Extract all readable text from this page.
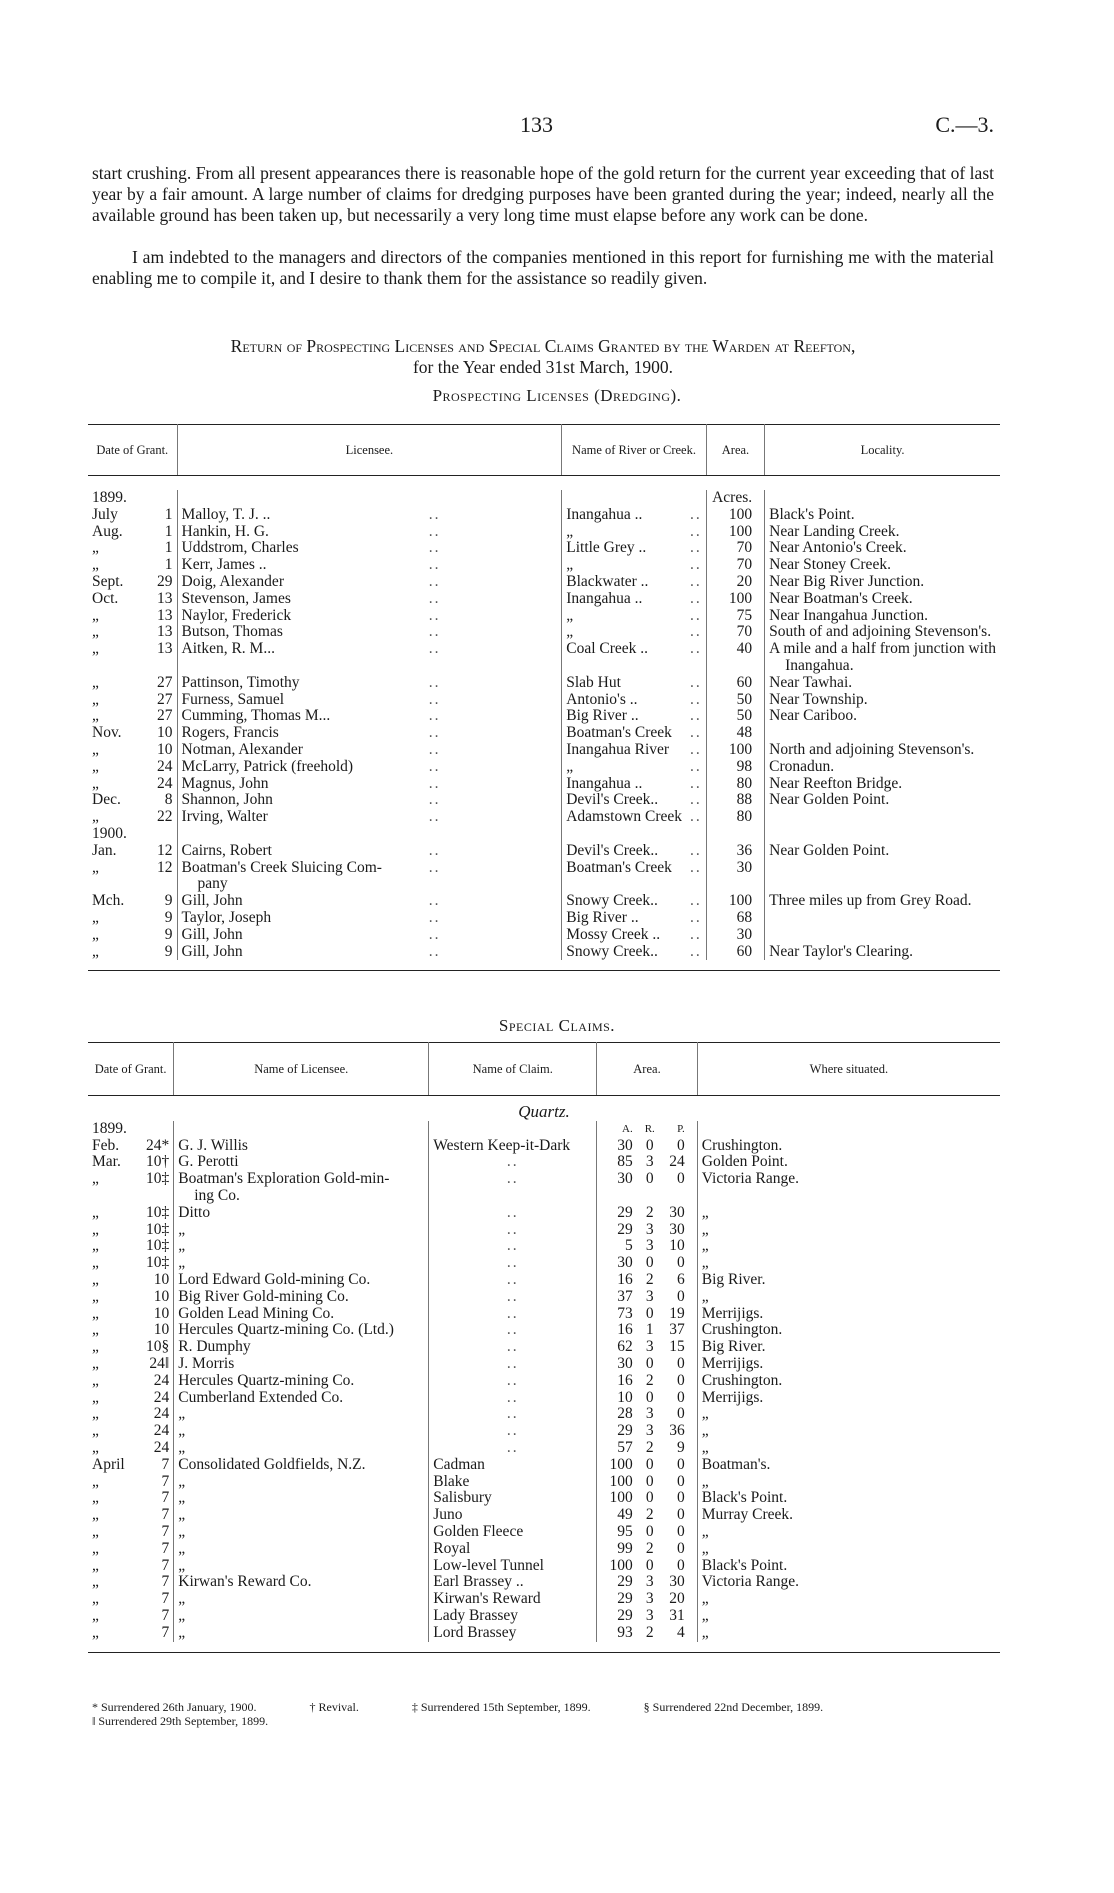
133	C.—3.

start crushing. From all present appearances there is reasonable hope of the gold return for the current year exceeding that of last year by a fair amount. A large number of claims for dredging purposes have been granted during the year; indeed, nearly all the available ground has been taken up, but necessarily a very long time must elapse before any work can be done.

I am indebted to the managers and directors of the companies mentioned in this report for furnishing me with the material enabling me to compile it, and I desire to thank them for the assistance so readily given.

Return of Prospecting Licenses and Special Claims Granted by the Warden at Reefton,
for the Year ended 31st March, 1900.

Prospecting Licenses (Dredging).
Date of Grant.		Licensee.		Name of River or Creek.		Area.		Locality.

1899.						Acres.		
July	1	Malloy, T. J. ..	..	Inangahua ..	..	100		Black's Point.
Aug.	1	Hankin, H. G.	..	„	..	100		Near Landing Creek.
„	1	Uddstrom, Charles	..	Little Grey ..	..	70		Near Antonio's Creek.
„	1	Kerr, James ..	..	„	..	70		Near Stoney Creek.
Sept.	29	Doig, Alexander	..	Blackwater ..	..	20		Near Big River Junction.
Oct.	13	Stevenson, James	..	Inangahua ..	..	100		Near Boatman's Creek.
„	13	Naylor, Frederick	..	„	..	75		Near Inangahua Junction.
„	13	Butson, Thomas	..	„	..	70		South of and adjoining Stevenson's.
„	13	Aitken, R. M...	..	Coal Creek ..	..	40		A mile and a half from junction with
								Inangahua.
„	27	Pattinson, Timothy	..	Slab Hut	..	60		Near Tawhai.
„	27	Furness, Samuel	..	Antonio's ..	..	50		Near Township.
„	27	Cumming, Thomas M...	..	Big River ..	..	50		Near Cariboo.
Nov.	10	Rogers, Francis	..	Boatman's Creek	..	48		
„	10	Notman, Alexander	..	Inangahua River	..	100		North and adjoining Stevenson's.
„	24	McLarry, Patrick (freehold)	..	„	..	98		Cronadun.
„	24	Magnus, John	..	Inangahua ..	..	80		Near Reefton Bridge.
Dec.	8	Shannon, John	..	Devil's Creek..	..	88		Near Golden Point.
„	22	Irving, Walter	..	Adamstown Creek	..	80		
1900.								
Jan.	12	Cairns, Robert	..	Devil's Creek..	..	36		Near Golden Point.
„	12	Boatman's Creek Sluicing Com-	..	Boatman's Creek	..	30		
		pany						
Mch.	9	Gill, John	..	Snowy Creek..	..	100		Three miles up from Grey Road.
„	9	Taylor, Joseph	..	Big River ..	..	68		
„	9	Gill, John	..	Mossy Creek ..	..	30		
„	9	Gill, John	..	Snowy Creek..	..	60		Near Taylor's Clearing.

Special Claims.
Date of Grant.		Name of Licensee.	Name of Claim.	Area.				Where situated.
Quartz.								
1899.				A.	R.	P.		
Feb.	24*	G. J. Willis	Western Keep-it-Dark	30	0	0		Crushington.
Mar.	10†	G. Perotti	..	85	3	24		Golden Point.
„	10‡	Boatman's Exploration Gold-min-	..	30	0	0		Victoria Range.
		ing Co.						
„	10‡	Ditto	..	29	2	30		„
„	10‡	„	..	29	3	30		„
„	10‡	„	..	5	3	10		„
„	10‡	„	..	30	0	0		„
„	10	Lord Edward Gold-mining Co.	..	16	2	6		Big River.
„	10	Big River Gold-mining Co.	..	37	3	0		„
„	10	Golden Lead Mining Co.	..	73	0	19		Merrijigs.
„	10	Hercules Quartz-mining Co. (Ltd.)	..	16	1	37		Crushington.
„	10§	R. Dumphy	..	62	3	15		Big River.
„	24‖	J. Morris	..	30	0	0		Merrijigs.
„	24	Hercules Quartz-mining Co.	..	16	2	0		Crushington.
„	24	Cumberland Extended Co.	..	10	0	0		Merrijigs.
„	24	„	..	28	3	0		„
„	24	„	..	29	3	36		„
„	24	„	..	57	2	9		„
April	7	Consolidated Goldfields, N.Z.	Cadman	100	0	0		Boatman's.
„	7	„	Blake	100	0	0		„
„	7	„	Salisbury	100	0	0		Black's Point.
„	7	„	Juno	49	2	0		Murray Creek.
„	7	„	Golden Fleece	95	0	0		„
„	7	„	Royal	99	2	0		„
„	7	„	Low-level Tunnel	100	0	0		Black's Point.
„	7	Kirwan's Reward Co.	Earl Brassey ..	29	3	30		Victoria Range.
„	7	„	Kirwan's Reward	29	3	20		„
„	7	„	Lady Brassey	29	3	31		„
„	7	„	Lord Brassey	93	2	4		„

* Surrendered 26th January, 1900.	† Revival.	‡ Surrendered 15th September, 1899.	§ Surrendered 22nd December, 1899.
‖ Surrendered 29th September, 1899.
